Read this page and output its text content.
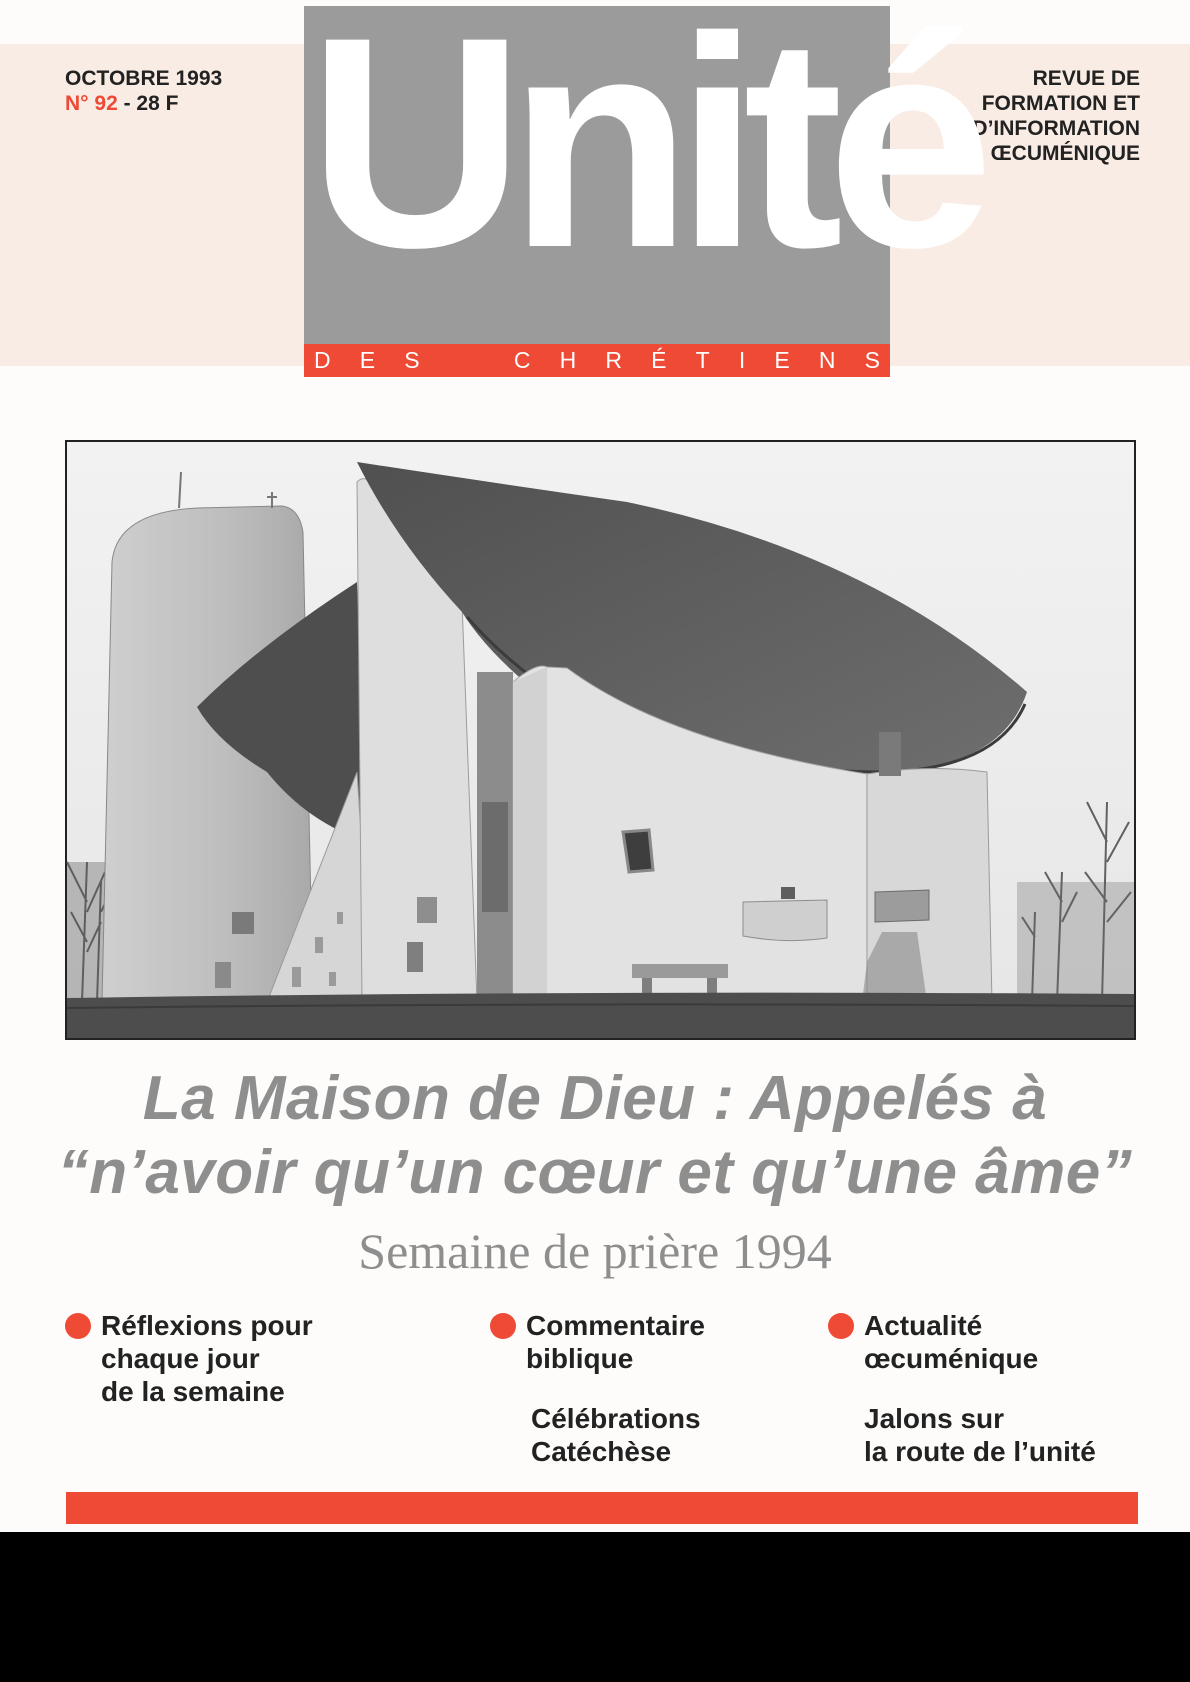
OCTOBRE 1993
N° 92 - 28 F
REVUE DE
FORMATION ET
D’INFORMATION
ŒCUMÉNIQUE
Unité
D E S	C H R É T I E N S
La Maison de Dieu : Appelés à
“n’avoir qu’un cœur et qu’une âme”
Semaine de prière 1994
Réflexions pour
chaque jour
de la semaine
Commentaire
biblique
Célébrations
Catéchèse
Actualité
œcuménique
Jalons sur
la route de l’unité
